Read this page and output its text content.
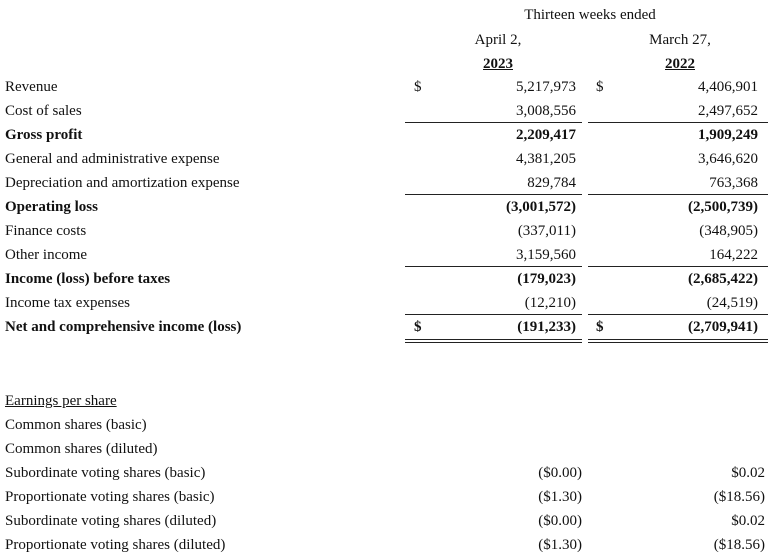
Thirteen weeks ended
April 2,
2023
March 27,
2022
Revenue	$	5,217,973 $	4,406,901
Cost of sales	3,008,556	2,497,652
Gross profit	2,209,417	1,909,249
General and administrative expense	4,381,205	3,646,620
Depreciation and amortization expense	829,784	763,368
Operating loss	(3,001,572)	(2,500,739)
Finance costs	(337,011)	(348,905)
Other income	3,159,560	164,222
Income (loss) before taxes	(179,023)	(2,685,422)
Income tax expenses	(12,210)	(24,519)
Net and comprehensive income (loss)	$	(191,233) $	(2,709,941)
Earnings per share
Common shares (basic)
Common shares (diluted)
Subordinate voting shares (basic)	($0.00)	$0.02
Proportionate voting shares (basic)	($1.30)	($18.56)
Subordinate voting shares (diluted)	($0.00)	$0.02
Proportionate voting shares (diluted)	($1.30)	($18.56)
